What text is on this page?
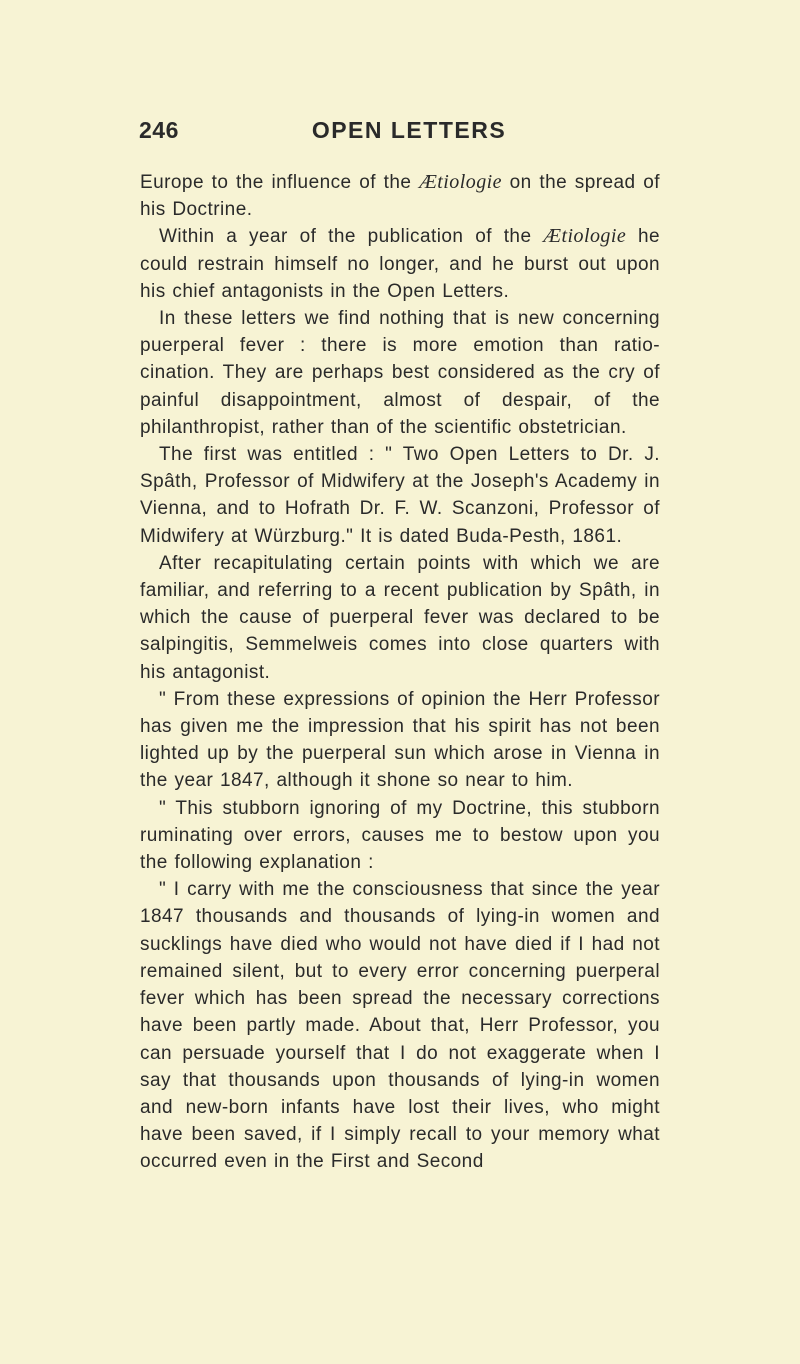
246	OPEN LETTERS

Europe to the influence of the Ætiologie on the spread of his Doctrine.

Within a year of the publication of the Ætiologie he could restrain himself no longer, and he burst out upon his chief antagonists in the Open Letters.

In these letters we find nothing that is new concerning puerperal fever : there is more emotion than ratio-cination. They are perhaps best considered as the cry of painful disappointment, almost of despair, of the philanthropist, rather than of the scientific obstetrician.

The first was entitled : " Two Open Letters to Dr. J. Spâth, Professor of Midwifery at the Joseph's Academy in Vienna, and to Hofrath Dr. F. W. Scanzoni, Professor of Midwifery at Würzburg." It is dated Buda-Pesth, 1861.

After recapitulating certain points with which we are familiar, and referring to a recent publication by Spâth, in which the cause of puerperal fever was declared to be salpingitis, Semmelweis comes into close quarters with his antagonist.

" From these expressions of opinion the Herr Professor has given me the impression that his spirit has not been lighted up by the puerperal sun which arose in Vienna in the year 1847, although it shone so near to him.

" This stubborn ignoring of my Doctrine, this stubborn ruminating over errors, causes me to bestow upon you the following explanation :

" I carry with me the consciousness that since the year 1847 thousands and thousands of lying-in women and sucklings have died who would not have died if I had not remained silent, but to every error concerning puerperal fever which has been spread the necessary corrections have been partly made. About that, Herr Professor, you can persuade yourself that I do not exaggerate when I say that thousands upon thousands of lying-in women and new-born infants have lost their lives, who might have been saved, if I simply recall to your memory what occurred even in the First and Second
